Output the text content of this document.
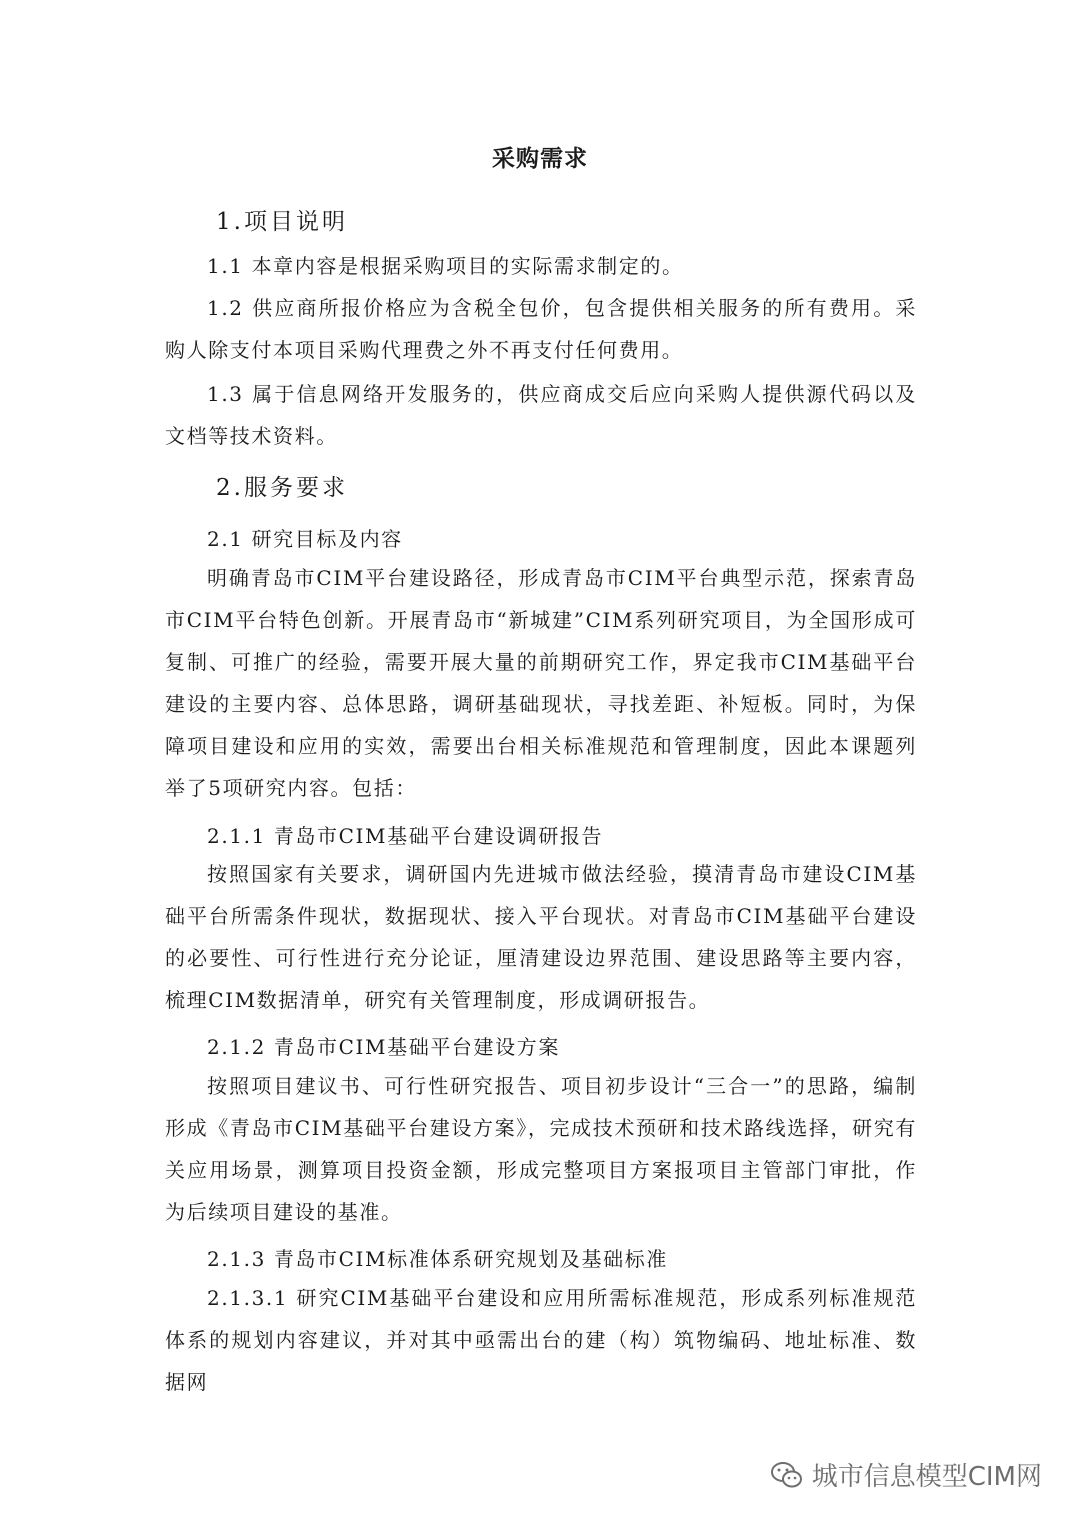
采购需求
1.项目说明
1.1 本章内容是根据采购项目的实际需求制定的。
1.2 供应商所报价格应为含税全包价，包含提供相关服务的所有费用。采购人除支付本项目采购代理费之外不再支付任何费用。
1.3 属于信息网络开发服务的，供应商成交后应向采购人提供源代码以及文档等技术资料。
2.服务要求
2.1 研究目标及内容
明确青岛市CIM平台建设路径，形成青岛市CIM平台典型示范，探索青岛市CIM平台特色创新。开展青岛市“新城建”CIM系列研究项目，为全国形成可复制、可推广的经验，需要开展大量的前期研究工作，界定我市CIM基础平台建设的主要内容、总体思路，调研基础现状，寻找差距、补短板。同时，为保障项目建设和应用的实效，需要出台相关标准规范和管理制度，因此本课题列举了5项研究内容。包括：
2.1.1 青岛市CIM基础平台建设调研报告
按照国家有关要求，调研国内先进城市做法经验，摸清青岛市建设CIM基础平台所需条件现状，数据现状、接入平台现状。对青岛市CIM基础平台建设的必要性、可行性进行充分论证，厘清建设边界范围、建设思路等主要内容，梳理CIM数据清单，研究有关管理制度，形成调研报告。
2.1.2 青岛市CIM基础平台建设方案
按照项目建议书、可行性研究报告、项目初步设计“三合一”的思路，编制形成《青岛市CIM基础平台建设方案》，完成技术预研和技术路线选择，研究有关应用场景，测算项目投资金额，形成完整项目方案报项目主管部门审批，作为后续项目建设的基准。
2.1.3 青岛市CIM标准体系研究规划及基础标准
2.1.3.1 研究CIM基础平台建设和应用所需标准规范，形成系列标准规范体系的规划内容建议，并对其中亟需出台的建（构）筑物编码、地址标准、数据网
城市信息模型CIM网
